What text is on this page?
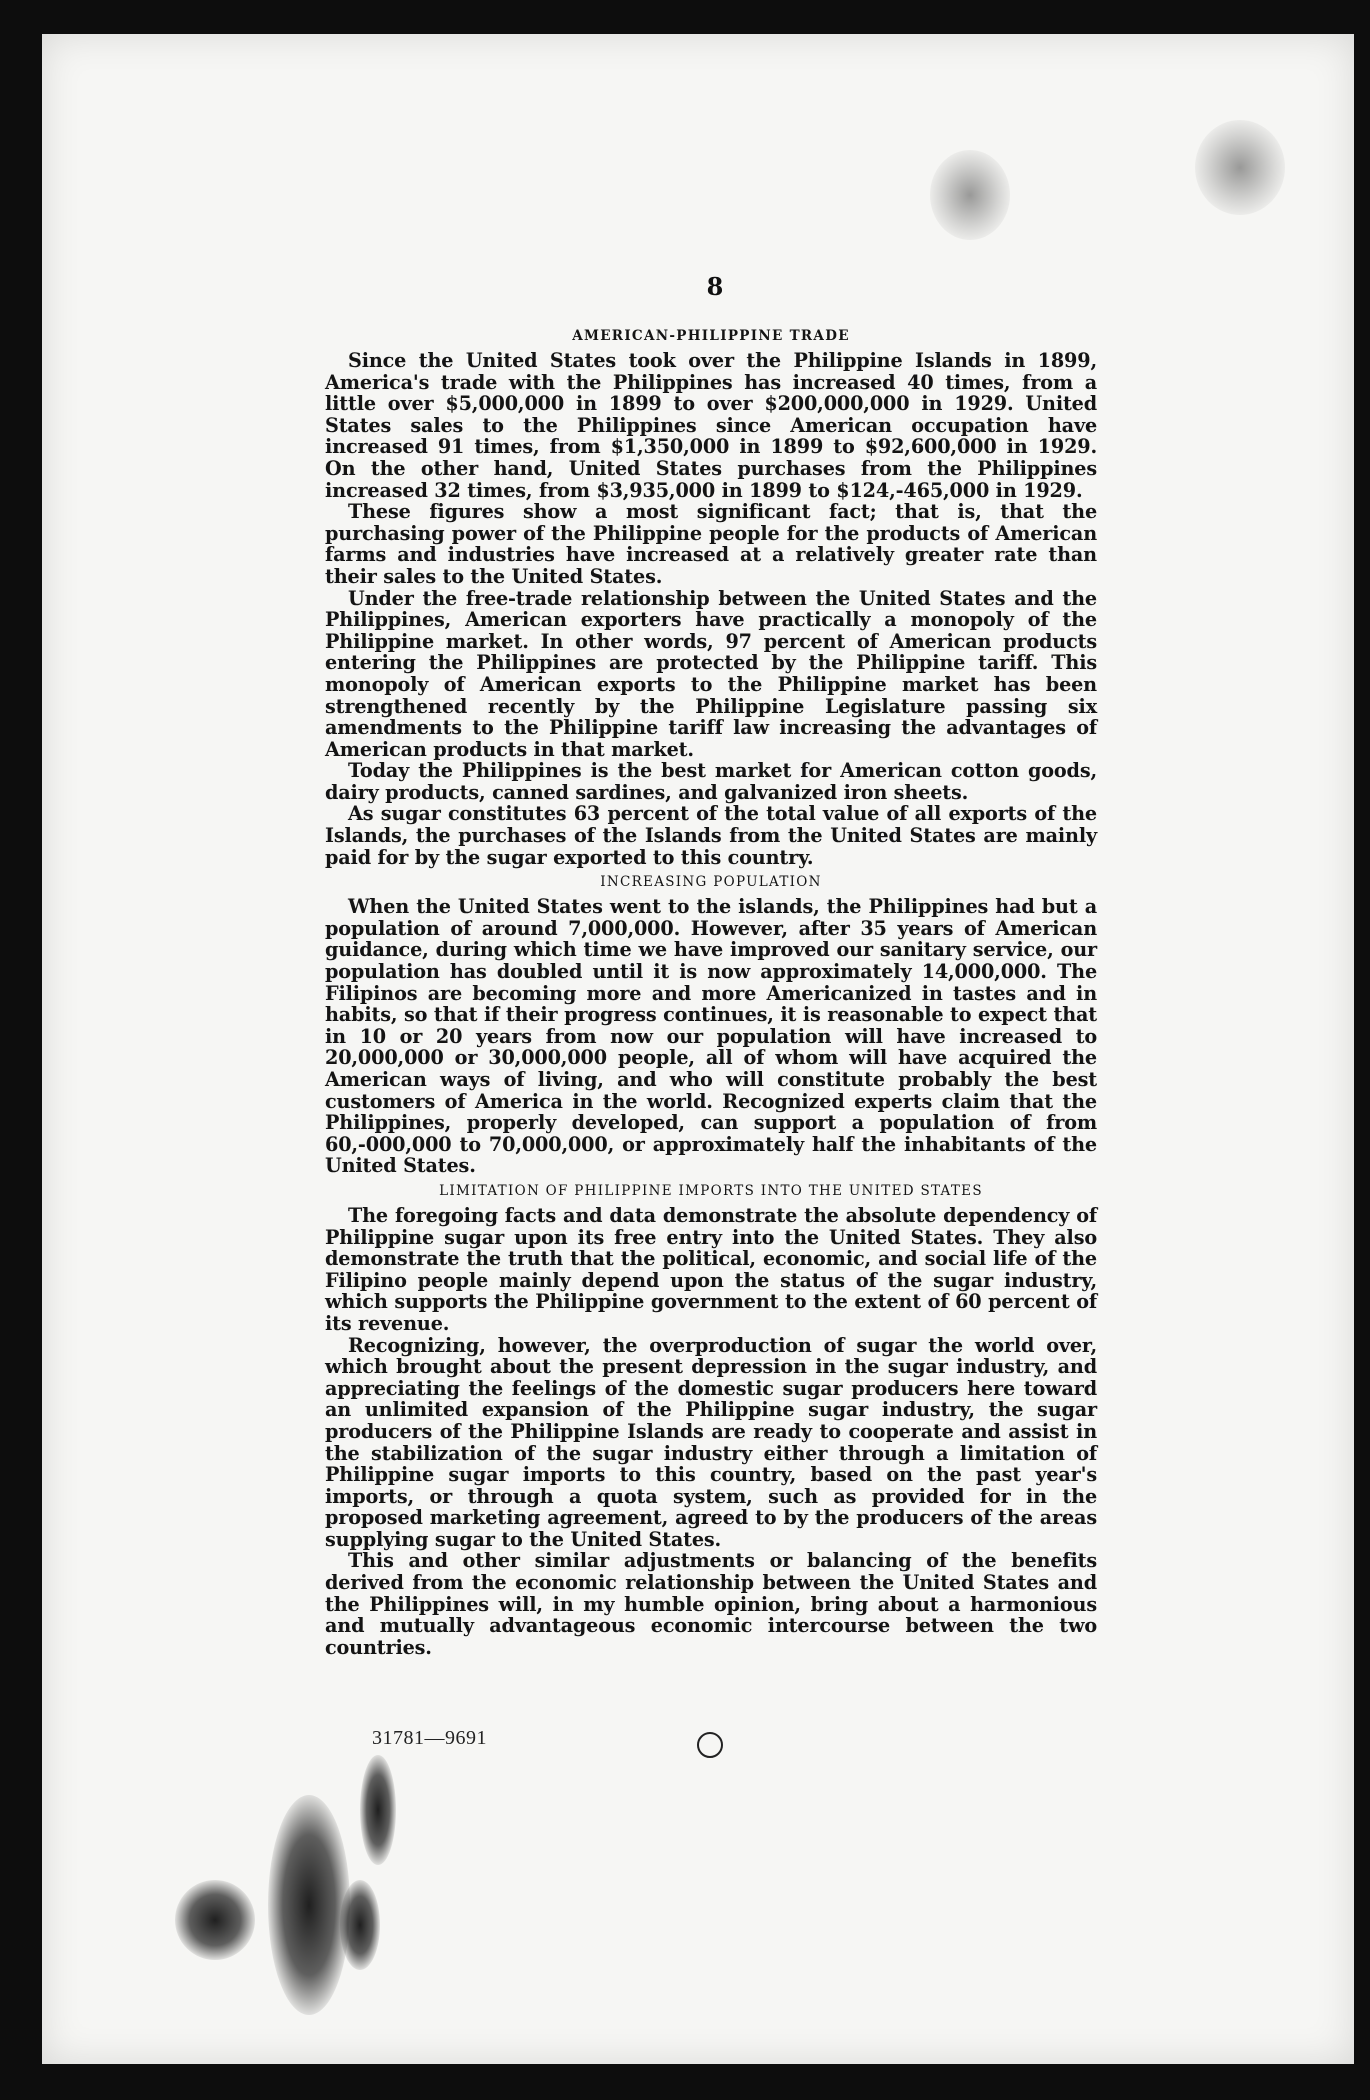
8
AMERICAN-PHILIPPINE TRADE

Since the United States took over the Philippine Islands in 1899, America's trade with the Philippines has increased 40 times, from a little over $5,000,000 in 1899 to over $200,000,000 in 1929. United States sales to the Philippines since American occupation have increased 91 times, from $1,350,000 in 1899 to $92,600,000 in 1929. On the other hand, United States purchases from the Philippines increased 32 times, from $3,935,000 in 1899 to $124,-465,000 in 1929.

These figures show a most significant fact; that is, that the purchasing power of the Philippine people for the products of American farms and industries have increased at a relatively greater rate than their sales to the United States.

Under the free-trade relationship between the United States and the Philippines, American exporters have practically a monopoly of the Philippine market. In other words, 97 percent of American products entering the Philippines are protected by the Philippine tariff. This monopoly of American exports to the Philippine market has been strengthened recently by the Philippine Legislature passing six amendments to the Philippine tariff law increasing the advantages of American products in that market.

Today the Philippines is the best market for American cotton goods, dairy products, canned sardines, and galvanized iron sheets.

As sugar constitutes 63 percent of the total value of all exports of the Islands, the purchases of the Islands from the United States are mainly paid for by the sugar exported to this country.

INCREASING POPULATION

When the United States went to the islands, the Philippines had but a population of around 7,000,000. However, after 35 years of American guidance, during which time we have improved our sanitary service, our population has doubled until it is now approximately 14,000,000. The Filipinos are becoming more and more Americanized in tastes and in habits, so that if their progress continues, it is reasonable to expect that in 10 or 20 years from now our population will have increased to 20,000,000 or 30,000,000 people, all of whom will have acquired the American ways of living, and who will constitute probably the best customers of America in the world. Recognized experts claim that the Philippines, properly developed, can support a population of from 60,-000,000 to 70,000,000, or approximately half the inhabitants of the United States.

LIMITATION OF PHILIPPINE IMPORTS INTO THE UNITED STATES

The foregoing facts and data demonstrate the absolute dependency of Philippine sugar upon its free entry into the United States. They also demonstrate the truth that the political, economic, and social life of the Filipino people mainly depend upon the status of the sugar industry, which supports the Philippine government to the extent of 60 percent of its revenue.

Recognizing, however, the overproduction of sugar the world over, which brought about the present depression in the sugar industry, and appreciating the feelings of the domestic sugar producers here toward an unlimited expansion of the Philippine sugar industry, the sugar producers of the Philippine Islands are ready to cooperate and assist in the stabilization of the sugar industry either through a limitation of Philippine sugar imports to this country, based on the past year's imports, or through a quota system, such as provided for in the proposed marketing agreement, agreed to by the producers of the areas supplying sugar to the United States.

This and other similar adjustments or balancing of the benefits derived from the economic relationship between the United States and the Philippines will, in my humble opinion, bring about a harmonious and mutually advantageous economic intercourse between the two countries.

31781—9691
